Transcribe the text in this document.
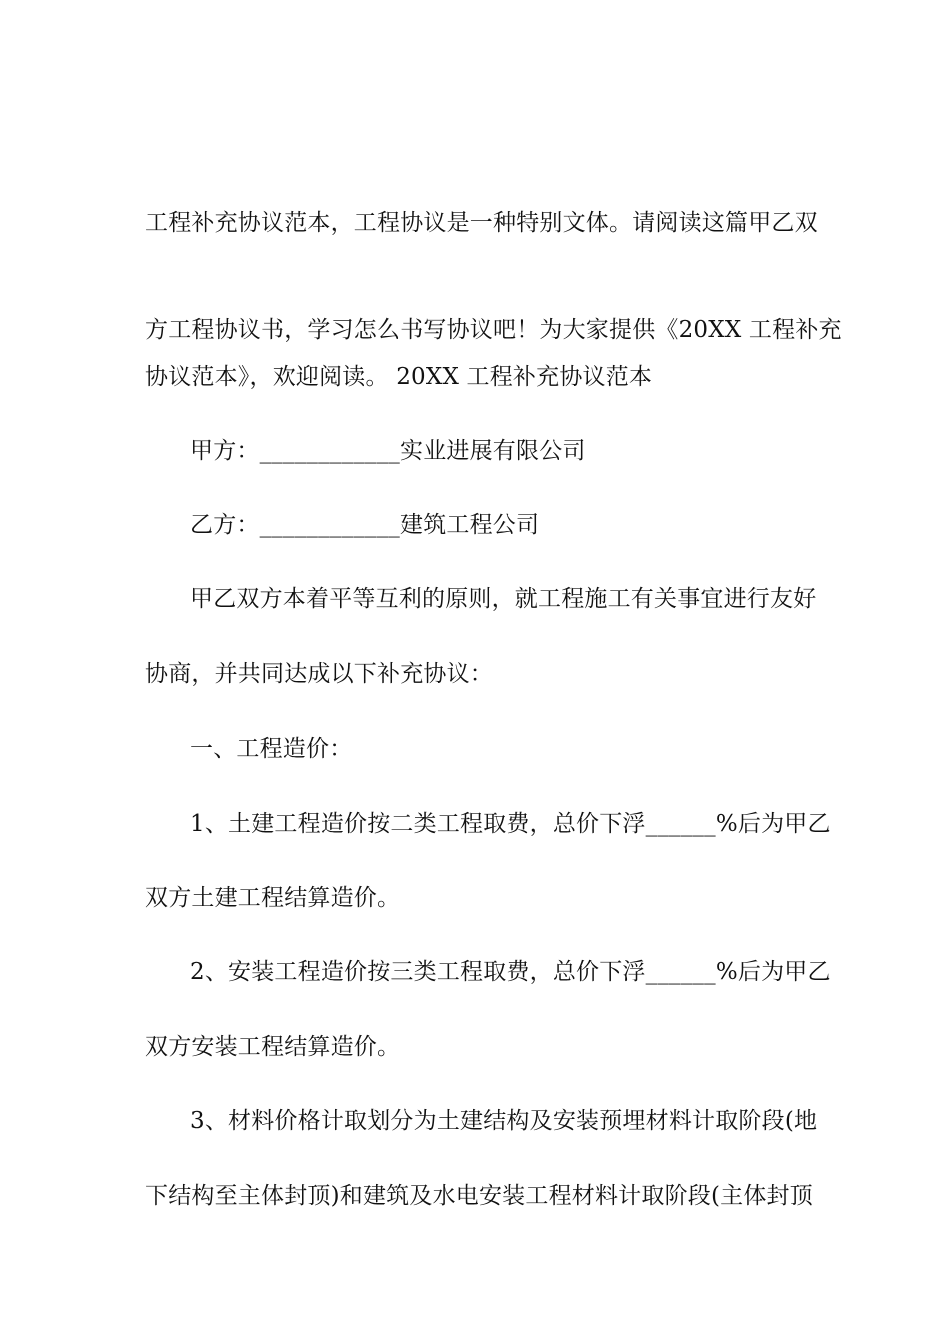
工程补充协议范本，工程协议是一种特别文体。请阅读这篇甲乙双
方工程协议书，学习怎么书写协议吧！为大家提供《20XX 工程补充
协议范本》，欢迎阅读。 20XX 工程补充协议范本
甲方：____________实业进展有限公司
乙方：____________建筑工程公司
甲乙双方本着平等互利的原则，就工程施工有关事宜进行友好
协商，并共同达成以下补充协议：
一、工程造价：
1、土建工程造价按二类工程取费，总价下浮______%后为甲乙
双方土建工程结算造价。
2、安装工程造价按三类工程取费，总价下浮______%后为甲乙
双方安装工程结算造价。
3、材料价格计取划分为土建结构及安装预埋材料计取阶段(地
下结构至主体封顶)和建筑及水电安装工程材料计取阶段(主体封顶
